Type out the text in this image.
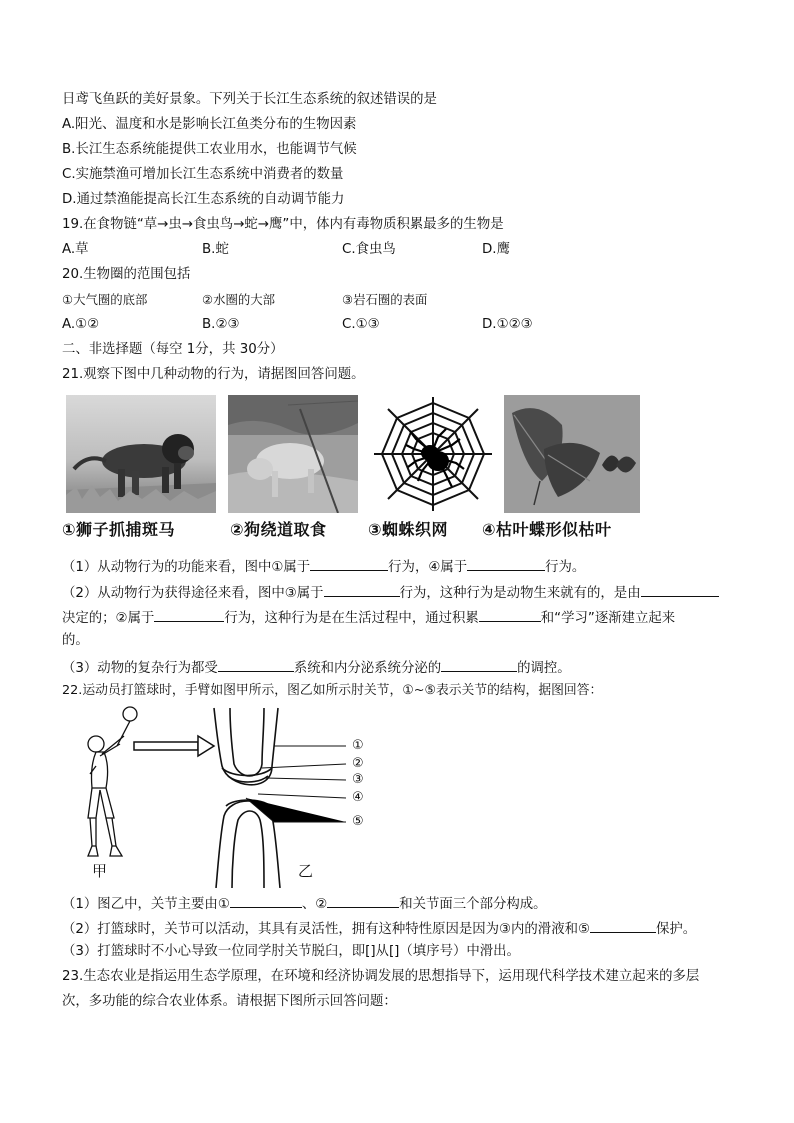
日鸢飞鱼跃的美好景象。下列关于长江生态系统的叙述错误的是
A.阳光、温度和水是影响长江鱼类分布的生物因素
B.长江生态系统能提供工农业用水，也能调节气候
C.实施禁渔可增加长江生态系统中消费者的数量
D.通过禁渔能提高长江生态系统的自动调节能力
19.在食物链“草→虫→食虫鸟→蛇→鹰”中，体内有毒物质积累最多的生物是
A.草	B.蛇	C.食虫鸟	D.鹰
20.生物圈的范围包括
①大气圈的底部	②水圈的大部	③岩石圈的表面
A.①②	B.②③	C.①③	D.①②③
二、非选择题（每空 1分，共 30分）
21.观察下图中几种动物的行为，请据图回答问题。
①狮子抓捕斑马	②狗绕道取食	③蜘蛛织网 ④枯叶蝶形似枯叶
（1）从动物行为的功能来看，图中①属于	行为，④属于	行为。
（2）从动物行为获得途径来看，图中③属于	行为，这种行为是动物生来就有的，是由
决定的；②属于	行为，这种行为是在生活过程中，通过积累	和“学习”逐渐建立起来
的。
（3）动物的复杂行为都受	系统和内分泌系统分泌的	的调控。
22.运动员打篮球时，手臂如图甲所示，图乙如所示肘关节，①~⑤表示关节的结构，据图回答：
①
②
③
④
⑤
甲	乙
（1）图乙中，关节主要由①	、②	和关节面三个部分构成。
（2）打篮球时，关节可以活动，其具有灵活性，拥有这种特性原因是因为③内的滑液和⑤	保护。
（3）打篮球时不小心导致一位同学肘关节脱臼，即[]从[]（填序号）中滑出。
23.生态农业是指运用生态学原理，在环境和经济协调发展的思想指导下，运用现代科学技术建立起来的多层
次，多功能的综合农业体系。请根据下图所示回答问题：
